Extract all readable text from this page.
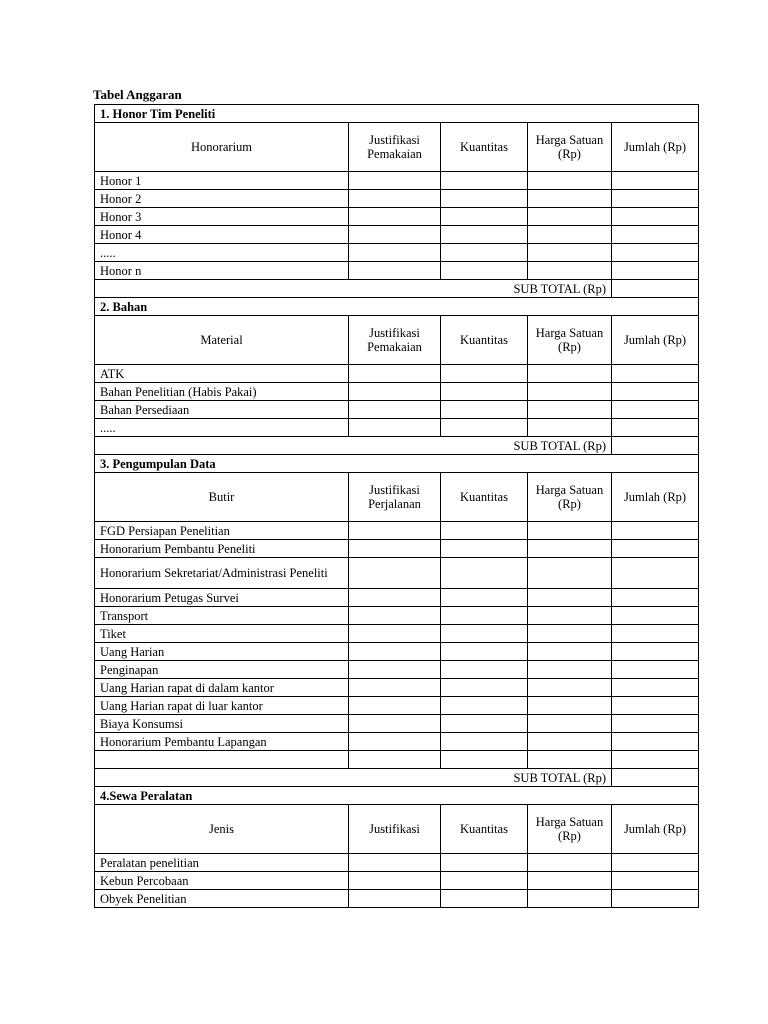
Tabel Anggaran

1. Honor Tim Peneliti				
Honorarium	Justifikasi Pemakaian	Kuantitas	Harga Satuan (Rp)	Jumlah (Rp)
Honor 1				
Honor 2				
Honor 3				
Honor 4				
.....				
Honor n				
SUB TOTAL (Rp)				
2. Bahan				
Material	Justifikasi Pemakaian	Kuantitas	Harga Satuan (Rp)	Jumlah (Rp)
ATK				
Bahan Penelitian (Habis Pakai)				
Bahan Persediaan				
.....				
SUB TOTAL (Rp)				
3. Pengumpulan Data				
Butir	Justifikasi Perjalanan	Kuantitas	Harga Satuan (Rp)	Jumlah (Rp)
FGD Persiapan Penelitian				
Honorarium Pembantu Peneliti				
Honorarium Sekretariat/Administrasi Peneliti				
Honorarium Petugas Survei				
Transport				
Tiket				
Uang Harian				
Penginapan				
Uang Harian rapat di dalam kantor				
Uang Harian rapat di luar kantor				
Biaya Konsumsi				
Honorarium Pembantu Lapangan				

SUB TOTAL (Rp)				
4.Sewa Peralatan				
Jenis	Justifikasi	Kuantitas	Harga Satuan (Rp)	Jumlah (Rp)
Peralatan penelitian				
Kebun Percobaan				
Obyek Penelitian				
